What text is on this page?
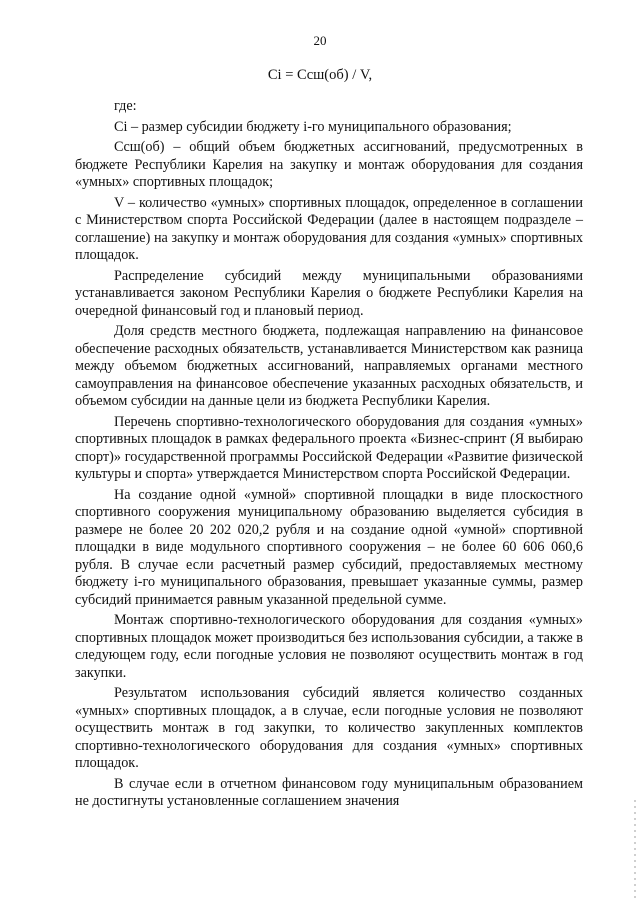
20
Ci = Ccш(об) / V,

где:

Ci – размер субсидии бюджету i-го муниципального образования;

Ccш(об) – общий объем бюджетных ассигнований, предусмотренных в бюджете Республики Карелия на закупку и монтаж оборудования для создания «умных» спортивных площадок;

V – количество «умных» спортивных площадок, определенное в соглашении с Министерством спорта Российской Федерации (далее в настоящем подразделе – соглашение) на закупку и монтаж оборудования для создания «умных» спортивных площадок.

Распределение субсидий между муниципальными образованиями устанавливается законом Республики Карелия о бюджете Республики Карелия на очередной финансовый год и плановый период.

Доля средств местного бюджета, подлежащая направлению на финансовое обеспечение расходных обязательств, устанавливается Министерством как разница между объемом бюджетных ассигнований, направляемых органами местного самоуправления на финансовое обеспечение указанных расходных обязательств, и объемом субсидии на данные цели из бюджета Республики Карелия.

Перечень спортивно-технологического оборудования для создания «умных» спортивных площадок в рамках федерального проекта «Бизнес-спринт (Я выбираю спорт)» государственной программы Российской Федерации «Развитие физической культуры и спорта» утверждается Министерством спорта Российской Федерации.

На создание одной «умной» спортивной площадки в виде плоскостного спортивного сооружения муниципальному образованию выделяется субсидия в размере не более 20 202 020,2 рубля и на создание одной «умной» спортивной площадки в виде модульного спортивного сооружения – не более 60 606 060,6 рубля. В случае если расчетный размер субсидий, предоставляемых местному бюджету i-го муниципального образования, превышает указанные суммы, размер субсидий принимается равным указанной предельной сумме.

Монтаж спортивно-технологического оборудования для создания «умных» спортивных площадок может производиться без использования субсидии, а также в следующем году, если погодные условия не позволяют осуществить монтаж в год закупки.

Результатом использования субсидий является количество созданных «умных» спортивных площадок, а в случае, если погодные условия не позволяют осуществить монтаж в год закупки, то количество закупленных комплектов спортивно-технологического оборудования для создания «умных» спортивных площадок.

В случае если в отчетном финансовом году муниципальным образованием не достигнуты установленные соглашением значения
